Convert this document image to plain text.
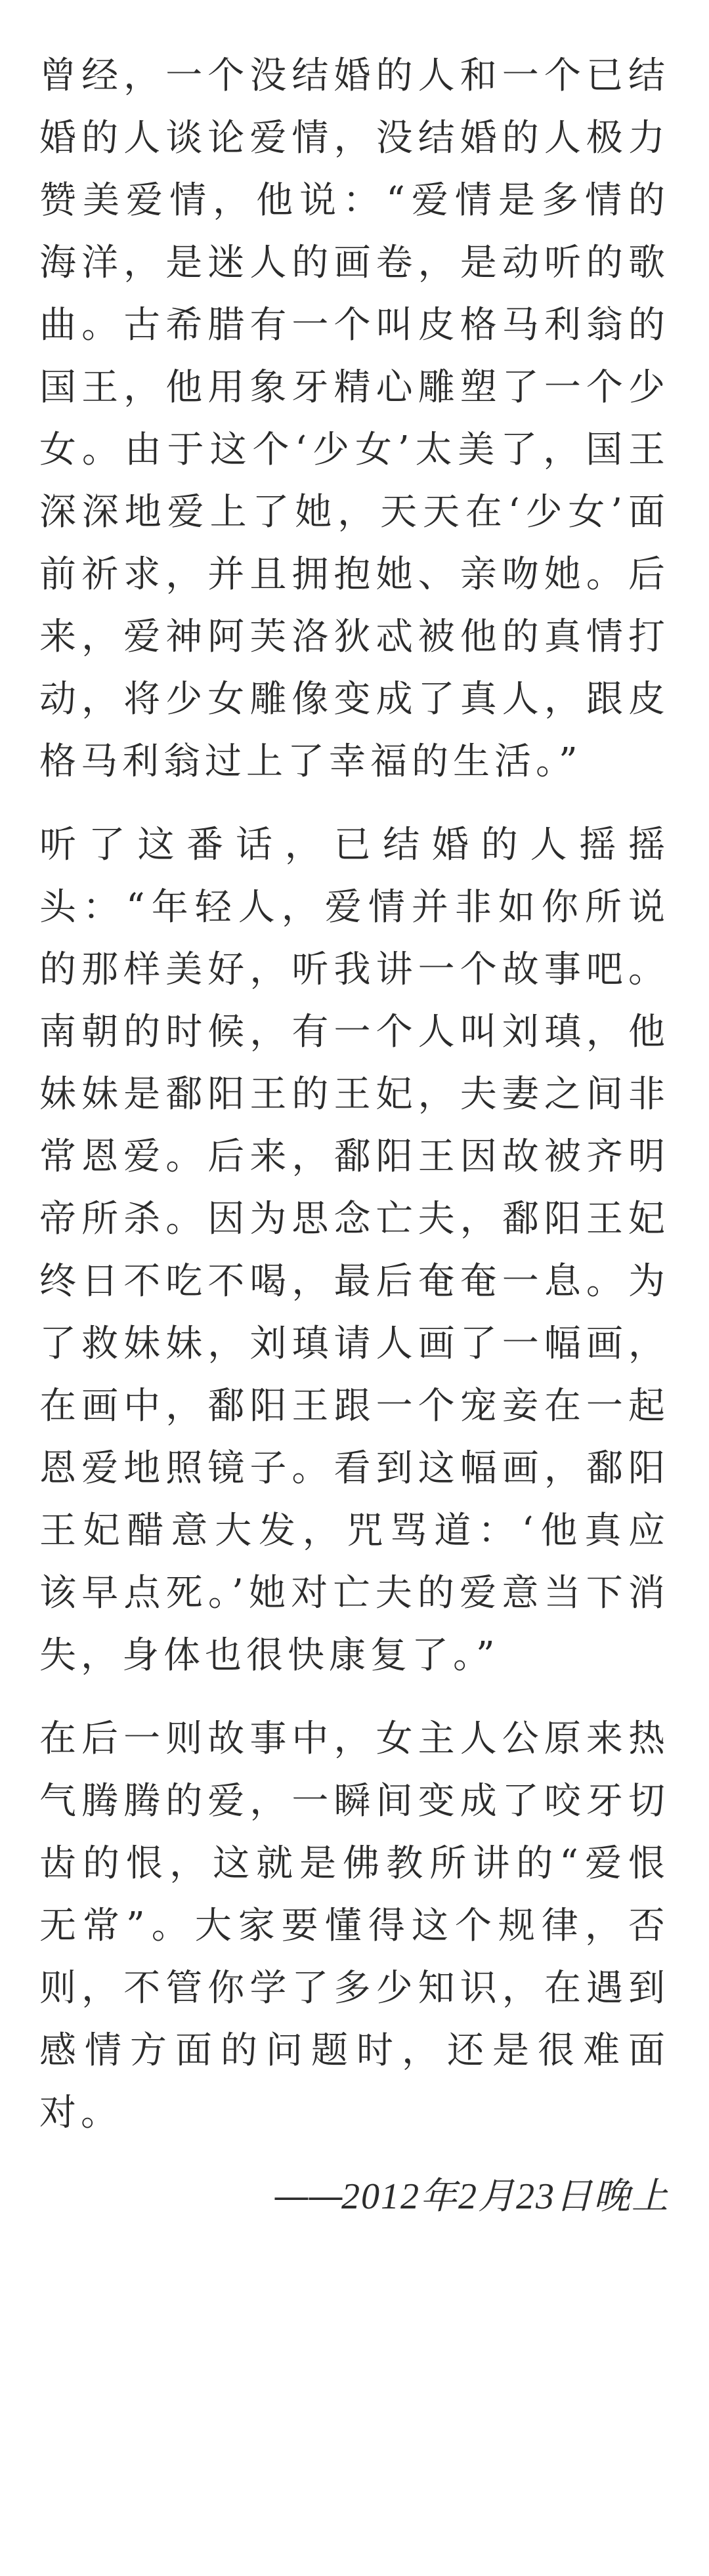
曾经，一个没结婚的人和一个已结婚的人谈论爱情，没结婚的人极力赞美爱情，他说：“爱情是多情的海洋，是迷人的画卷，是动听的歌曲。古希腊有一个叫皮格马利翁的国王，他用象牙精心雕塑了一个少女。由于这个‘少女’太美了，国王深深地爱上了她，天天在‘少女’面前祈求，并且拥抱她、亲吻她。后来，爱神阿芙洛狄忒被他的真情打动，将少女雕像变成了真人，跟皮格马利翁过上了幸福的生活。”

听了这番话，已结婚的人摇摇头：“年轻人，爱情并非如你所说的那样美好，听我讲一个故事吧。南朝的时候，有一个人叫刘瑱，他妹妹是鄱阳王的王妃，夫妻之间非常恩爱。后来，鄱阳王因故被齐明帝所杀。因为思念亡夫，鄱阳王妃终日不吃不喝，最后奄奄一息。为了救妹妹，刘瑱请人画了一幅画，在画中，鄱阳王跟一个宠妾在一起恩爱地照镜子。看到这幅画，鄱阳王妃醋意大发，咒骂道：‘他真应该早点死。’她对亡夫的爱意当下消失，身体也很快康复了。”

在后一则故事中，女主人公原来热气腾腾的爱，一瞬间变成了咬牙切齿的恨，这就是佛教所讲的“爱恨无常”。大家要懂得这个规律，否则，不管你学了多少知识，在遇到感情方面的问题时，还是很难面对。

——2012年2月23日晚上
